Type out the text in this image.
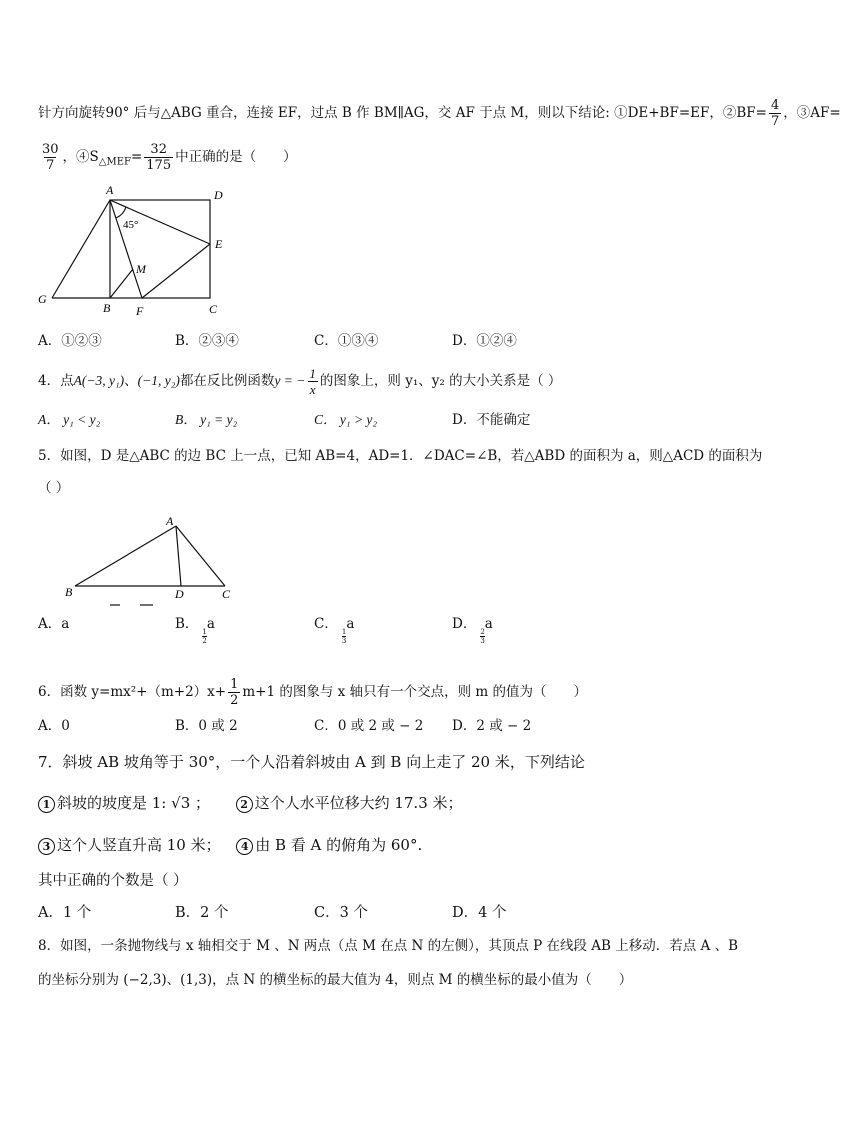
针方向旋转90° 后与△ABG 重合，连接 EF，过点 B 作 BM∥AG，交 AF 于点 M，则以下结论: ①DE+BF=EF，②BF= $\frac{4}{7}$ ，③AF=
$\frac{30}{7}$ ，$④S_{\triangle MEF}= \frac{32}{175}$ 中正确的是（　　）
A	D
E
M
G
B F	C
45°
A．①②③	B．②③④	C．①③④	D．①②④
4．点A(−3, y₁)、(−1, y₂)都在反比例函数y = − $\frac{1}{x}$ 的图象上，则 y₁、y₂ 的大小关系是（ ）
A． y₁ < y₂	B． y₁ = y₂	C． y₁ > y₂	D．不能确定
5．如图，D 是△ABC 的边 BC 上一点，已知 AB=4，AD=1．∠DAC=∠B，若△ABD 的面积为 a，则△ACD 的面积为
（ ）
A
B	D	C
A．a	B．
$\frac{1}{2}$
a	C．
$\frac{1}{3}$
a	D．
$\frac{2}{3}$
a
6．函数 $y=mx^2+(m+2)x+ \frac{1}{2} m+1$ 的图象与 x 轴只有一个交点，则 m 的值为（　　）
A．0	B．0 或 2	C．0 或 2 或 − 2 D．2 或 − 2
7．斜坡 AB 坡角等于 30°，一个人沿着斜坡由 A 到 B 向上走了 20 米，下列结论
1 斜坡的坡度是 1: √3 ；	2 这个人水平位移大约 17.3 米；
3 这个人竖直升高 10 米； 4 由 B 看 A 的俯角为 60°.
其中正确的个数是（ ）
A．1 个	B．2 个	C．3 个	D．4 个
8．如图，一条抛物线与 x 轴相交于 M 、N 两点（点 M 在点 N 的左侧），其顶点 P 在线段 AB 上移动．若点 A 、B
的坐标分别为 (−2,3)、(1,3)，点 N 的横坐标的最大值为 4，则点 M 的横坐标的最小值为（　　）
